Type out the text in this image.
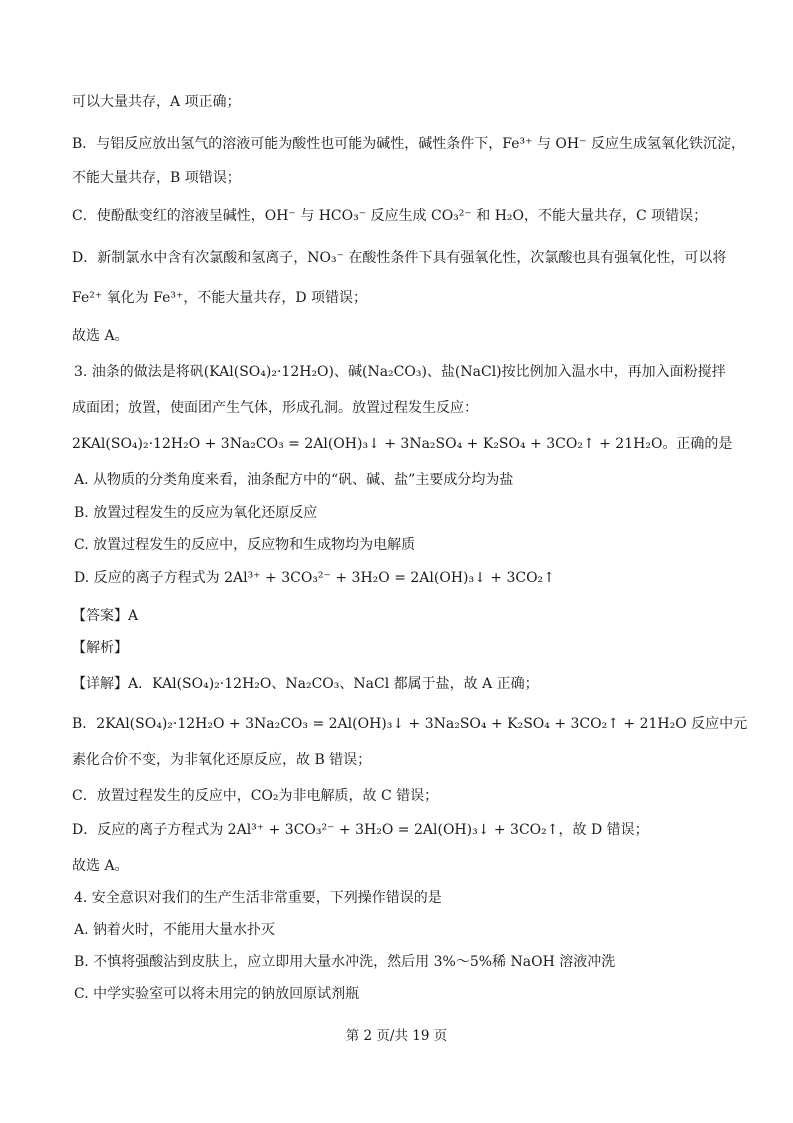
可以大量共存，A 项正确；
B．与铝反应放出氢气的溶液可能为酸性也可能为碱性，碱性条件下，Fe³⁺ 与 OH⁻ 反应生成氢氧化铁沉淀，
不能大量共存，B 项错误；
C．使酚酞变红的溶液呈碱性，OH⁻ 与 HCO₃⁻ 反应生成 CO₃²⁻ 和 H₂O，不能大量共存，C 项错误；
D．新制氯水中含有次氯酸和氢离子，NO₃⁻ 在酸性条件下具有强氧化性，次氯酸也具有强氧化性，可以将
Fe²⁺ 氧化为 Fe³⁺，不能大量共存，D 项错误；
故选 A。
3. 油条的做法是将矾(KAl(SO₄)₂·12H₂O)、碱(Na₂CO₃)、盐(NaCl)按比例加入温水中，再加入面粉搅拌
成面团；放置，使面团产生气体，形成孔洞。放置过程发生反应：
2KAl(SO₄)₂·12H₂O + 3Na₂CO₃ = 2Al(OH)₃↓ + 3Na₂SO₄ + K₂SO₄ + 3CO₂↑ + 21H₂O。正确的是
A. 从物质的分类角度来看，油条配方中的“矾、碱、盐”主要成分均为盐
B. 放置过程发生的反应为氧化还原反应
C. 放置过程发生的反应中，反应物和生成物均为电解质
D. 反应的离子方程式为 2Al³⁺ + 3CO₃²⁻ + 3H₂O = 2Al(OH)₃↓ + 3CO₂↑
【答案】A
【解析】
【详解】A．KAl(SO₄)₂·12H₂O、Na₂CO₃、NaCl 都属于盐，故 A 正确；
B．2KAl(SO₄)₂·12H₂O + 3Na₂CO₃ = 2Al(OH)₃↓ + 3Na₂SO₄ + K₂SO₄ + 3CO₂↑ + 21H₂O 反应中元
素化合价不变，为非氧化还原反应，故 B 错误；
C．放置过程发生的反应中，CO₂为非电解质，故 C 错误；
D．反应的离子方程式为 2Al³⁺ + 3CO₃²⁻ + 3H₂O = 2Al(OH)₃↓ + 3CO₂↑，故 D 错误；
故选 A。
4. 安全意识对我们的生产生活非常重要，下列操作错误的是
A. 钠着火时，不能用大量水扑灭
B. 不慎将强酸沾到皮肤上，应立即用大量水冲洗，然后用 3%～5%稀 NaOH 溶液冲洗
C. 中学实验室可以将未用完的钠放回原试剂瓶
第 2 页/共 19 页
